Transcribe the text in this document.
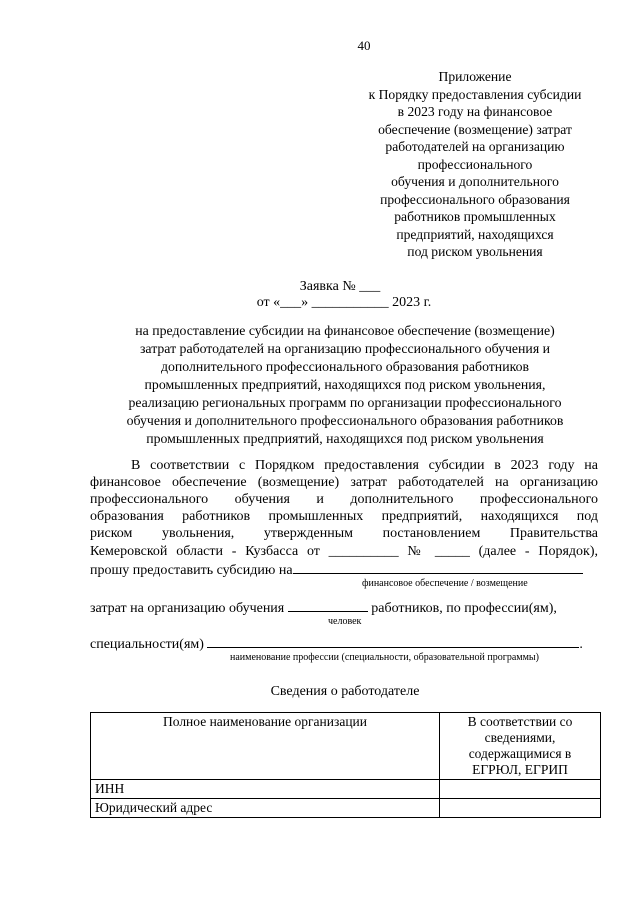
40
Приложение
к Порядку предоставления субсидии
в 2023 году на финансовое
обеспечение (возмещение) затрат
работодателей на организацию
профессионального
обучения и дополнительного
профессионального образования
работников промышленных
предприятий, находящихся
под риском увольнения
Заявка № ___
от «___» ___________ 2023 г.
на предоставление субсидии на финансовое обеспечение (возмещение)
затрат работодателей на организацию профессионального обучения и
дополнительного профессионального образования работников
промышленных предприятий, находящихся под риском увольнения,
реализацию региональных программ по организации профессионального
обучения и дополнительного профессионального образования работников
промышленных предприятий, находящихся под риском увольнения
В соответствии с Порядком предоставления субсидии в 2023 году на
финансовое обеспечение (возмещение) затрат работодателей на организацию
профессионального обучения и дополнительного профессионального
образования работников промышленных предприятий, находящихся под
риском увольнения, утвержденным постановлением Правительства
Кемеровской области - Кузбасса от __________ № _____ (далее - Порядок),
прошу предоставить субсидию на
финансовое обеспечение / возмещение
затрат на организацию обучения	работников, по профессии(ям),
человек
специальности(ям)	.
наименование профессии (специальности, образовательной программы)
Сведения о работодателе
Полное наименование организации	В соответствии со сведениями, содержащимися в ЕГРЮЛ, ЕГРИП
ИНН	
Юридический адрес	
